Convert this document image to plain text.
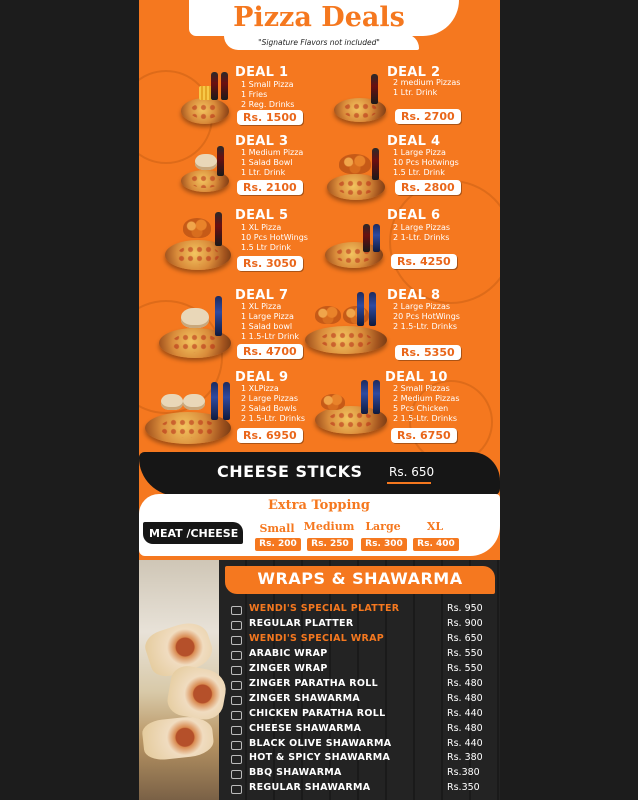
Pizza Deals
"Signature Flavors not included"
DEAL 1
1 Small Pizza
1 Fries
2 Reg. Drinks
Rs. 1500
DEAL 2
2 medium Pizzas
1 Ltr. Drink
Rs. 2700
DEAL 3
1 Medium Pizza
1 Salad Bowl
1 Ltr. Drink
Rs. 2100
DEAL 4
1 Large Pizza
10 Pcs Hotwings
1.5 Ltr. Drink
Rs. 2800
DEAL 5
1 XL Pizza
10 Pcs HotWings
1.5 Ltr Drink
Rs. 3050
DEAL 6
2 Large Pizzas
2 1-Ltr. Drinks
Rs. 4250
DEAL 7
1 XL Pizza
1 Large Pizza
1 Salad bowl
1 1.5-Ltr Drink
Rs. 4700
DEAL 8
2 Large Pizzas
20 Pcs HotWings
2 1.5-Ltr. Drinks
Rs. 5350
DEAL 9
1 XLPizza
2 Large Pizzas
2 Salad Bowls
2 1.5-Ltr. Drinks
Rs. 6950
DEAL 10
2 Small Pizzas
2 Medium Pizzas
5 Pcs Chicken
2 1.5-Ltr. Drinks
Rs. 6750
CHEESE STICKS Rs. 650
Extra Topping
MEAT /CHEESE	Small Medium Large	XL
Rs. 200	Rs. 250	Rs. 300	Rs. 400
WRAPS & SHAWARMA
WENDI'S SPECIAL PLATTER	Rs. 950
REGULAR PLATTER	Rs. 900
WENDI'S SPECIAL WRAP	Rs. 650
ARABIC WRAP	Rs. 550
ZINGER WRAP	Rs. 550
ZINGER PARATHA ROLL	Rs. 480
ZINGER SHAWARMA	Rs. 480
CHICKEN PARATHA ROLL	Rs. 440
CHEESE SHAWARMA	Rs. 480
BLACK OLIVE SHAWARMA	Rs. 440
HOT & SPICY SHAWARMA	Rs. 380
BBQ SHAWARMA	Rs.380
REGULAR SHAWARMA	Rs.350
